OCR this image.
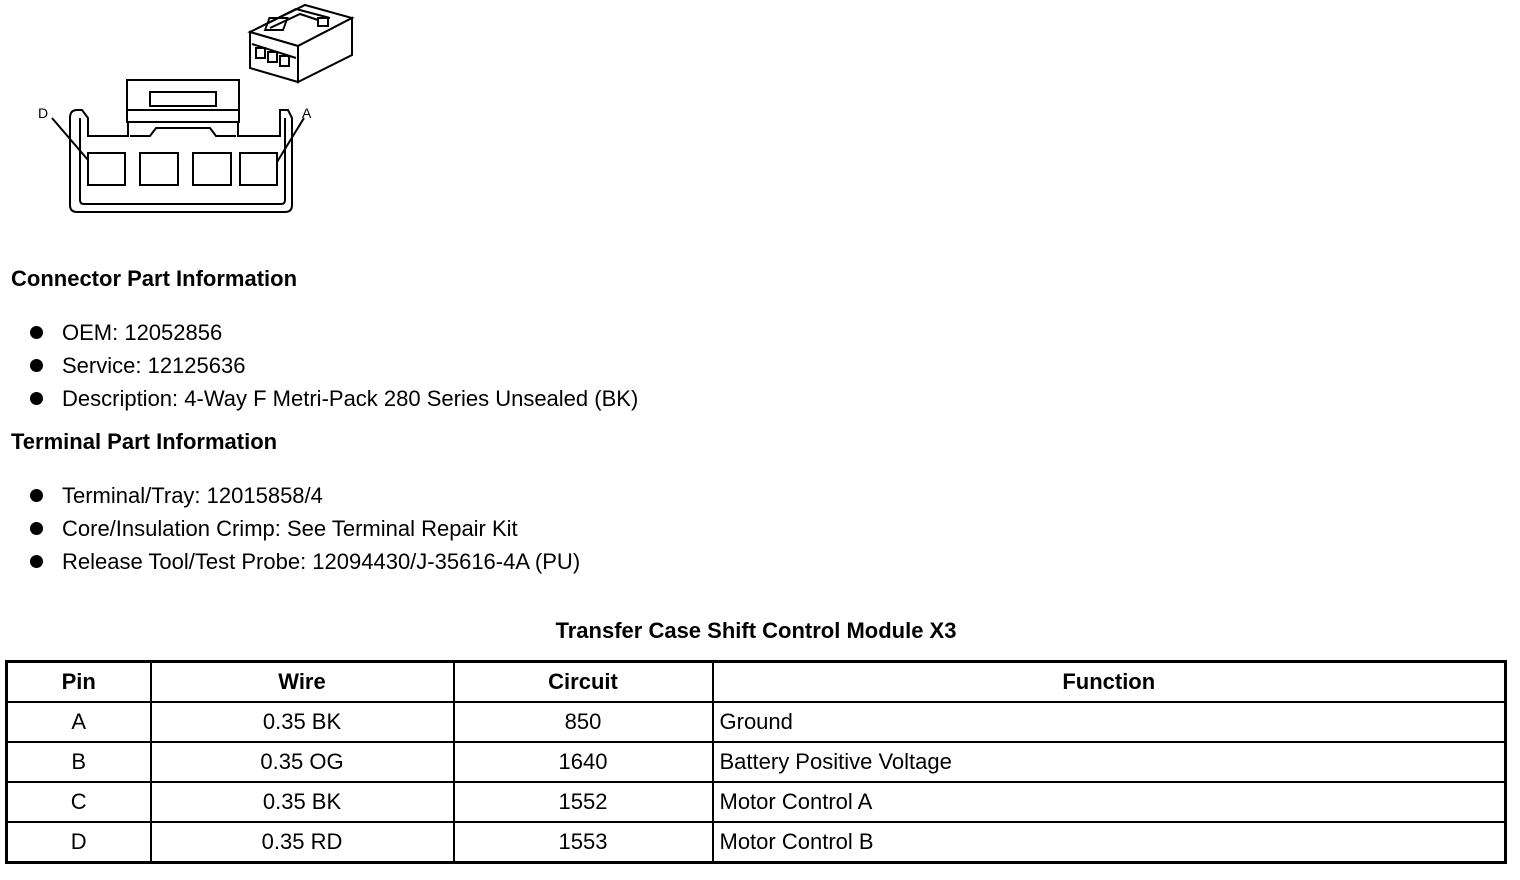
D	A
Connector Part Information
OEM: 12052856
Service: 12125636
Description: 4-Way F Metri-Pack 280 Series Unsealed (BK)
Terminal Part Information
Terminal/Tray: 12015858/4
Core/Insulation Crimp: See Terminal Repair Kit
Release Tool/Test Probe: 12094430/J-35616-4A (PU)
Transfer Case Shift Control Module X3
Pin	Wire	Circuit	Function
A	0.35 BK	850	Ground
B	0.35 OG	1640	Battery Positive Voltage
C	0.35 BK	1552	Motor Control A
D	0.35 RD	1553	Motor Control B
